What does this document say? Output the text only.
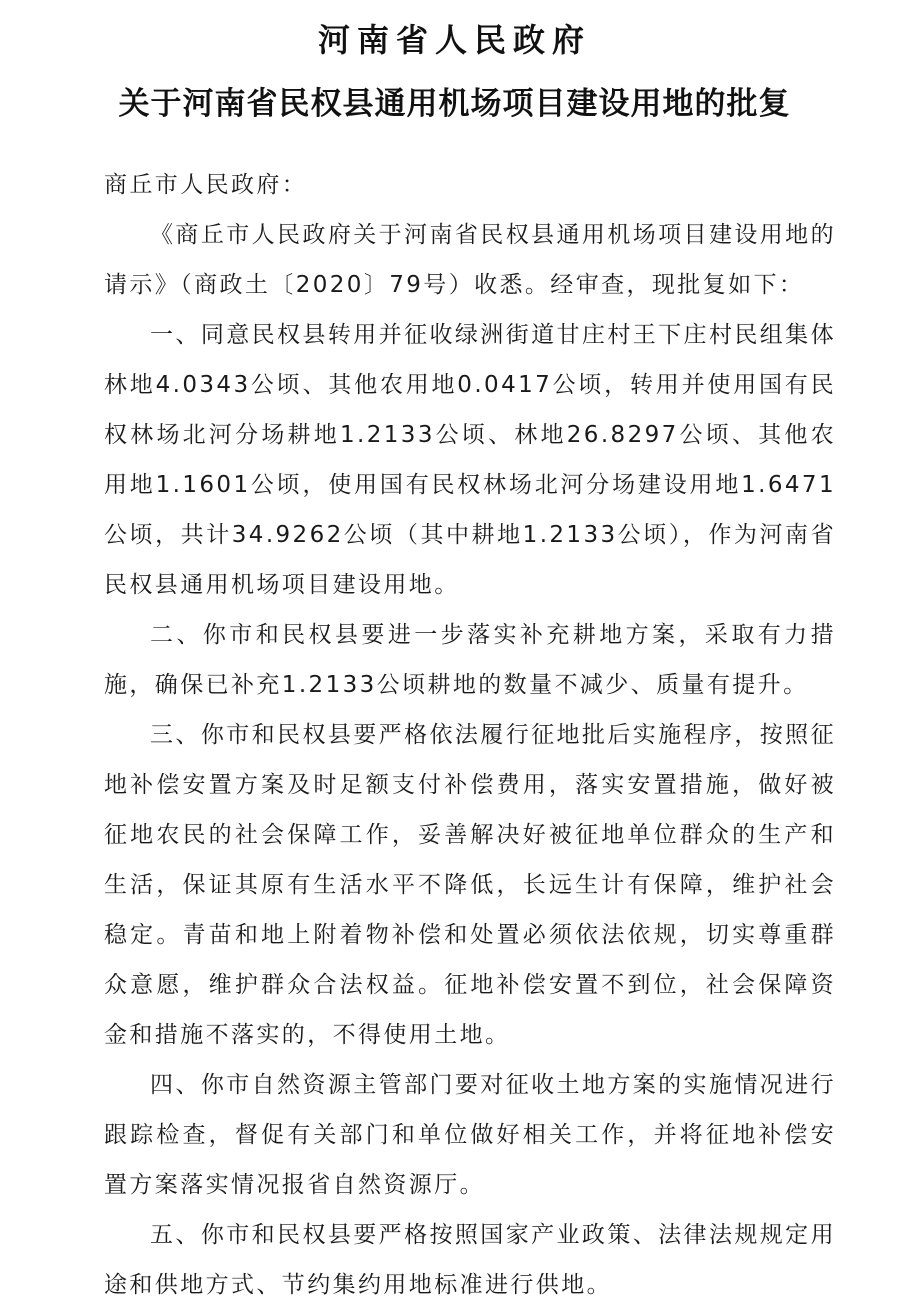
河南省人民政府
关于河南省民权县通用机场项目建设用地的批复

商丘市人民政府：

《商丘市人民政府关于河南省民权县通用机场项目建设用地的请示》（商政土〔2020〕79号）收悉。经审查，现批复如下：

一、同意民权县转用并征收绿洲街道甘庄村王下庄村民组集体林地4.0343公顷、其他农用地0.0417公顷，转用并使用国有民权林场北河分场耕地1.2133公顷、林地26.8297公顷、其他农用地1.1601公顷，使用国有民权林场北河分场建设用地1.6471公顷，共计34.9262公顷（其中耕地1.2133公顷），作为河南省民权县通用机场项目建设用地。

二、你市和民权县要进一步落实补充耕地方案，采取有力措施，确保已补充1.2133公顷耕地的数量不减少、质量有提升。

三、你市和民权县要严格依法履行征地批后实施程序，按照征地补偿安置方案及时足额支付补偿费用，落实安置措施，做好被征地农民的社会保障工作，妥善解决好被征地单位群众的生产和生活，保证其原有生活水平不降低，长远生计有保障，维护社会稳定。青苗和地上附着物补偿和处置必须依法依规，切实尊重群众意愿，维护群众合法权益。征地补偿安置不到位，社会保障资金和措施不落实的，不得使用土地。

四、你市自然资源主管部门要对征收土地方案的实施情况进行跟踪检查，督促有关部门和单位做好相关工作，并将征地补偿安置方案落实情况报省自然资源厅。

五、你市和民权县要严格按照国家产业政策、法律法规规定用途和供地方式、节约集约用地标准进行供地。
